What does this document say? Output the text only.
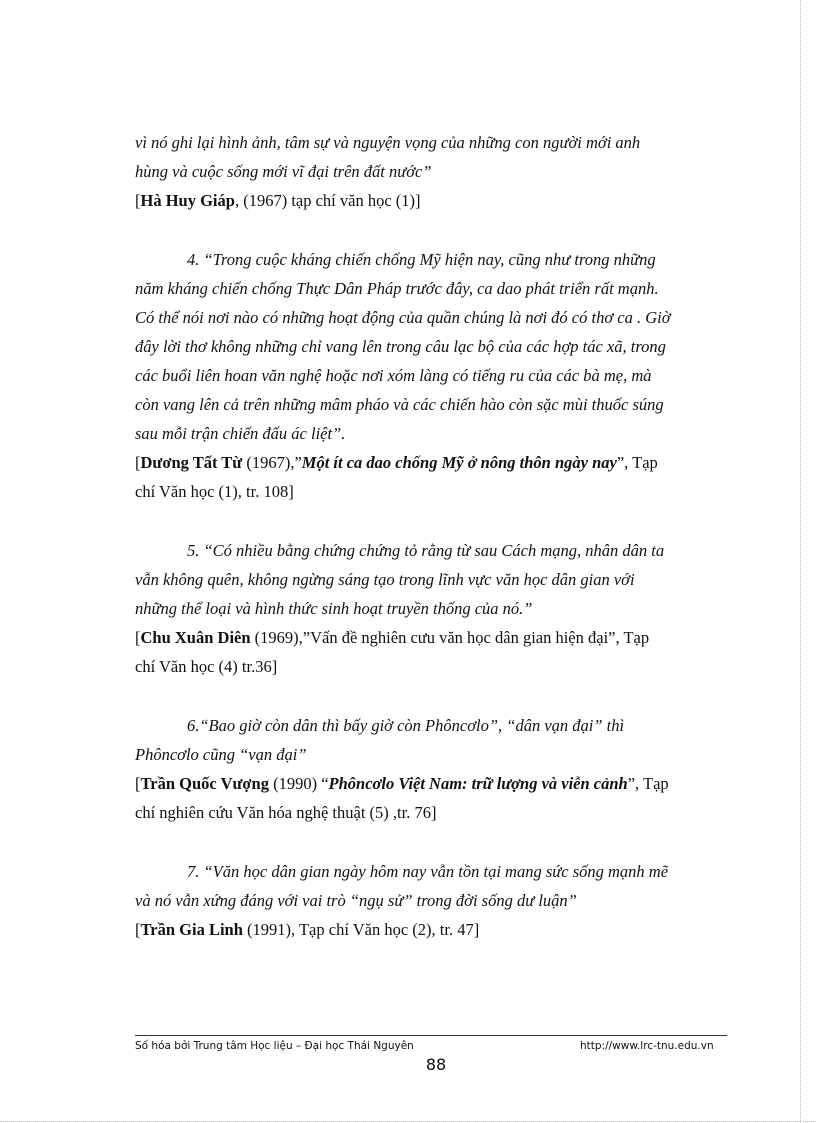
vì nó ghi lại hình ảnh, tâm sự và nguyện vọng của những con người mới anh

hùng và cuộc sống mới vĩ đại trên đất nước”

[Hà Huy Giáp, (1967) tạp chí văn học (1)]

4. “Trong cuộc kháng chiến chống Mỹ hiện nay, cũng như trong những

năm kháng chiến chống Thực Dân Pháp trước đây, ca dao phát triển rất mạnh.

Có thể nói nơi nào có những hoạt động của quần chúng là nơi đó có thơ ca . Giờ

đây lời thơ không những chỉ vang lên trong câu lạc bộ của các hợp tác xã, trong

các buổi liên hoan văn nghệ hoặc nơi xóm làng có tiếng ru của các bà mẹ, mà

còn vang lên cả trên những mâm pháo và các chiến hào còn sặc mùi thuốc súng

sau mỗi trận chiến đấu ác liệt”.

[Dương Tất Từ (1967),”Một ít ca dao chống Mỹ ở nông thôn ngày nay”, Tạp

chí Văn học (1), tr. 108]

5. “Có nhiều bằng chứng chứng tỏ rằng từ sau Cách mạng, nhân dân ta

vẫn không quên, không ngừng sáng tạo trong lĩnh vực văn học dân gian với

những thể loại và hình thức sinh hoạt truyền thống của nó.”

[Chu Xuân Diên (1969),”Vấn đề nghiên cưu văn học dân gian hiện đại”, Tạp

chí Văn học (4) tr.36]

6.“Bao giờ còn dân thì bấy giờ còn Phôncơlo”, “dân vạn đại” thì

Phôncơlo cũng “vạn đại”

[Trần Quốc Vượng (1990) “Phôncơlo Việt Nam: trữ lượng và viễn cảnh”, Tạp

chí nghiên cứu Văn hóa nghệ thuật (5) ,tr. 76]

7. “Văn học dân gian ngày hôm nay vẫn tồn tại mang sức sống mạnh mẽ

và nó vẫn xứng đáng với vai trò “ngụ sử” trong đời sống dư luận”

[Trần Gia Linh (1991), Tạp chí Văn học (2), tr. 47]

Số hóa bởi Trung tâm Học liệu – Đại học Thái Nguyên	http://www.lrc-tnu.edu.vn
88
